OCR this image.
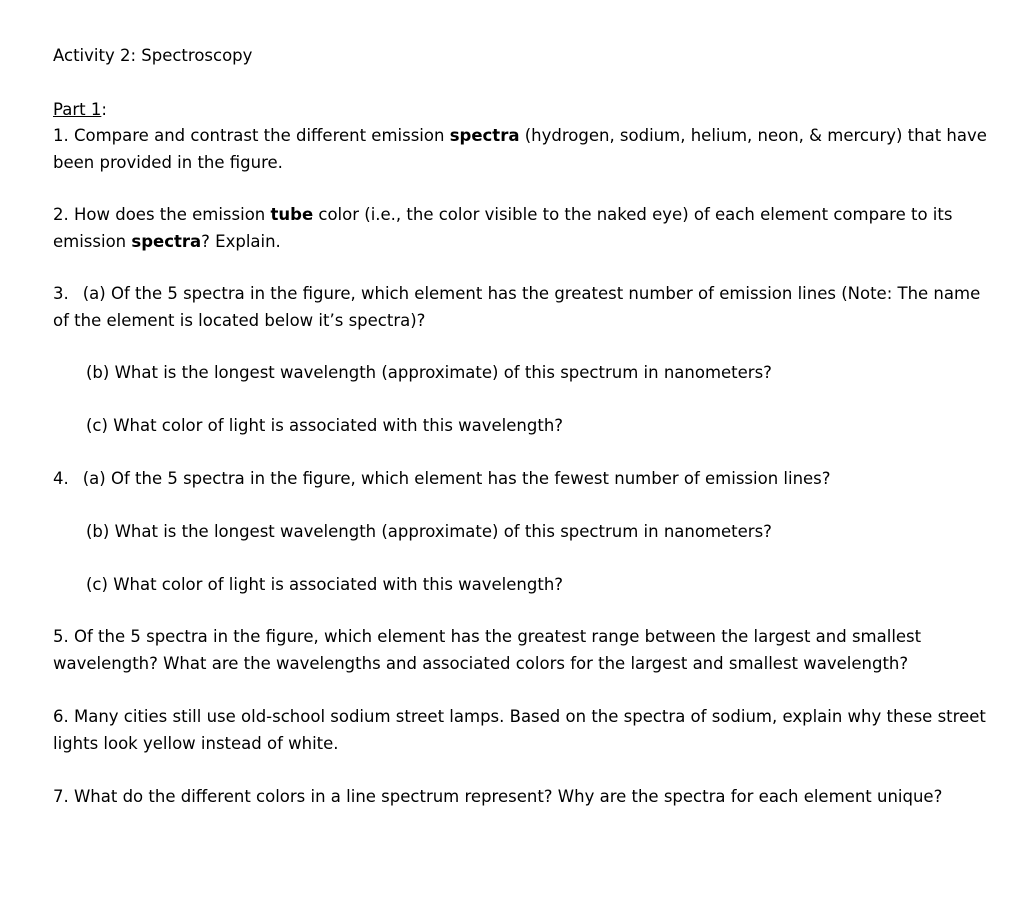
Activity 2: Spectroscopy
Part 1:
1. Compare and contrast the different emission spectra (hydrogen, sodium, helium, neon, & mercury) that have
been provided in the figure.
2. How does the emission tube color (i.e., the color visible to the naked eye) of each element compare to its
emission spectra? Explain.
3. (a) Of the 5 spectra in the figure, which element has the greatest number of emission lines (Note: The name
of the element is located below it’s spectra)?
(b) What is the longest wavelength (approximate) of this spectrum in nanometers?
(c) What color of light is associated with this wavelength?
4. (a) Of the 5 spectra in the figure, which element has the fewest number of emission lines?
(b) What is the longest wavelength (approximate) of this spectrum in nanometers?
(c) What color of light is associated with this wavelength?
5. Of the 5 spectra in the figure, which element has the greatest range between the largest and smallest
wavelength? What are the wavelengths and associated colors for the largest and smallest wavelength?
6. Many cities still use old-school sodium street lamps. Based on the spectra of sodium, explain why these street
lights look yellow instead of white.
7. What do the different colors in a line spectrum represent? Why are the spectra for each element unique?
